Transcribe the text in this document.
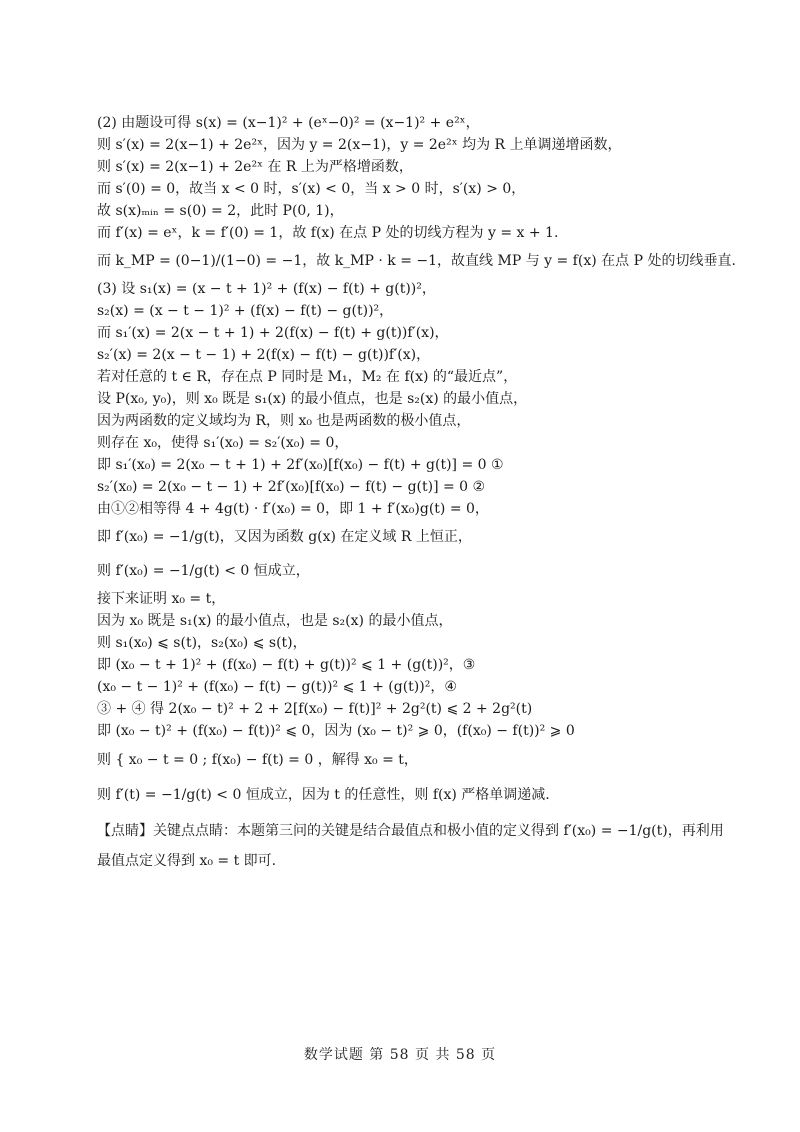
(2) 由题设可得 s(x) = (x−1)² + (eˣ−0)² = (x−1)² + e²ˣ，
则 s′(x) = 2(x−1) + 2e²ˣ，因为 y = 2(x−1)，y = 2e²ˣ 均为 R 上单调递增函数，
则 s′(x) = 2(x−1) + 2e²ˣ 在 R 上为严格增函数，
而 s′(0) = 0，故当 x < 0 时，s′(x) < 0，当 x > 0 时，s′(x) > 0，
故 s(x)ₘᵢₙ = s(0) = 2，此时 P(0, 1)，
而 f′(x) = eˣ，k = f′(0) = 1，故 f(x) 在点 P 处的切线方程为 y = x + 1.
而 k_MP = (0−1)/(1−0) = −1，故 k_MP · k = −1，故直线 MP 与 y = f(x) 在点 P 处的切线垂直.
(3) 设 s₁(x) = (x − t + 1)² + (f(x) − f(t) + g(t))²，
s₂(x) = (x − t − 1)² + (f(x) − f(t) − g(t))²，
而 s₁′(x) = 2(x − t + 1) + 2(f(x) − f(t) + g(t))f′(x)，
s₂′(x) = 2(x − t − 1) + 2(f(x) − f(t) − g(t))f′(x)，
若对任意的 t ∈ R，存在点 P 同时是 M₁，M₂ 在 f(x) 的“最近点”，
设 P(x₀, y₀)，则 x₀ 既是 s₁(x) 的最小值点，也是 s₂(x) 的最小值点，
因为两函数的定义域均为 R，则 x₀ 也是两函数的极小值点，
则存在 x₀，使得 s₁′(x₀) = s₂′(x₀) = 0，
即 s₁′(x₀) = 2(x₀ − t + 1) + 2f′(x₀)[f(x₀) − f(t) + g(t)] = 0 ①
s₂′(x₀) = 2(x₀ − t − 1) + 2f′(x₀)[f(x₀) − f(t) − g(t)] = 0 ②
由①②相等得 4 + 4g(t) · f′(x₀) = 0，即 1 + f′(x₀)g(t) = 0，
即 f′(x₀) = −1/g(t)，又因为函数 g(x) 在定义域 R 上恒正，
则 f′(x₀) = −1/g(t) < 0 恒成立，
接下来证明 x₀ = t，
因为 x₀ 既是 s₁(x) 的最小值点，也是 s₂(x) 的最小值点，
则 s₁(x₀) ⩽ s(t)，s₂(x₀) ⩽ s(t)，
即 (x₀ − t + 1)² + (f(x₀) − f(t) + g(t))² ⩽ 1 + (g(t))²，③
(x₀ − t − 1)² + (f(x₀) − f(t) − g(t))² ⩽ 1 + (g(t))²，④
③ + ④ 得 2(x₀ − t)² + 2 + 2[f(x₀) − f(t)]² + 2g²(t) ⩽ 2 + 2g²(t)
即 (x₀ − t)² + (f(x₀) − f(t))² ⩽ 0，因为 (x₀ − t)² ⩾ 0，(f(x₀) − f(t))² ⩾ 0
则 { x₀ − t = 0 ; f(x₀) − f(t) = 0 ，解得 x₀ = t，
则 f′(t) = −1/g(t) < 0 恒成立，因为 t 的任意性，则 f(x) 严格单调递减.
【点睛】关键点点睛：本题第三问的关键是结合最值点和极小值的定义得到 f′(x₀) = −1/g(t)，再利用最值点定义得到 x₀ = t 即可.
数学试题 第 58 页 共 58 页
